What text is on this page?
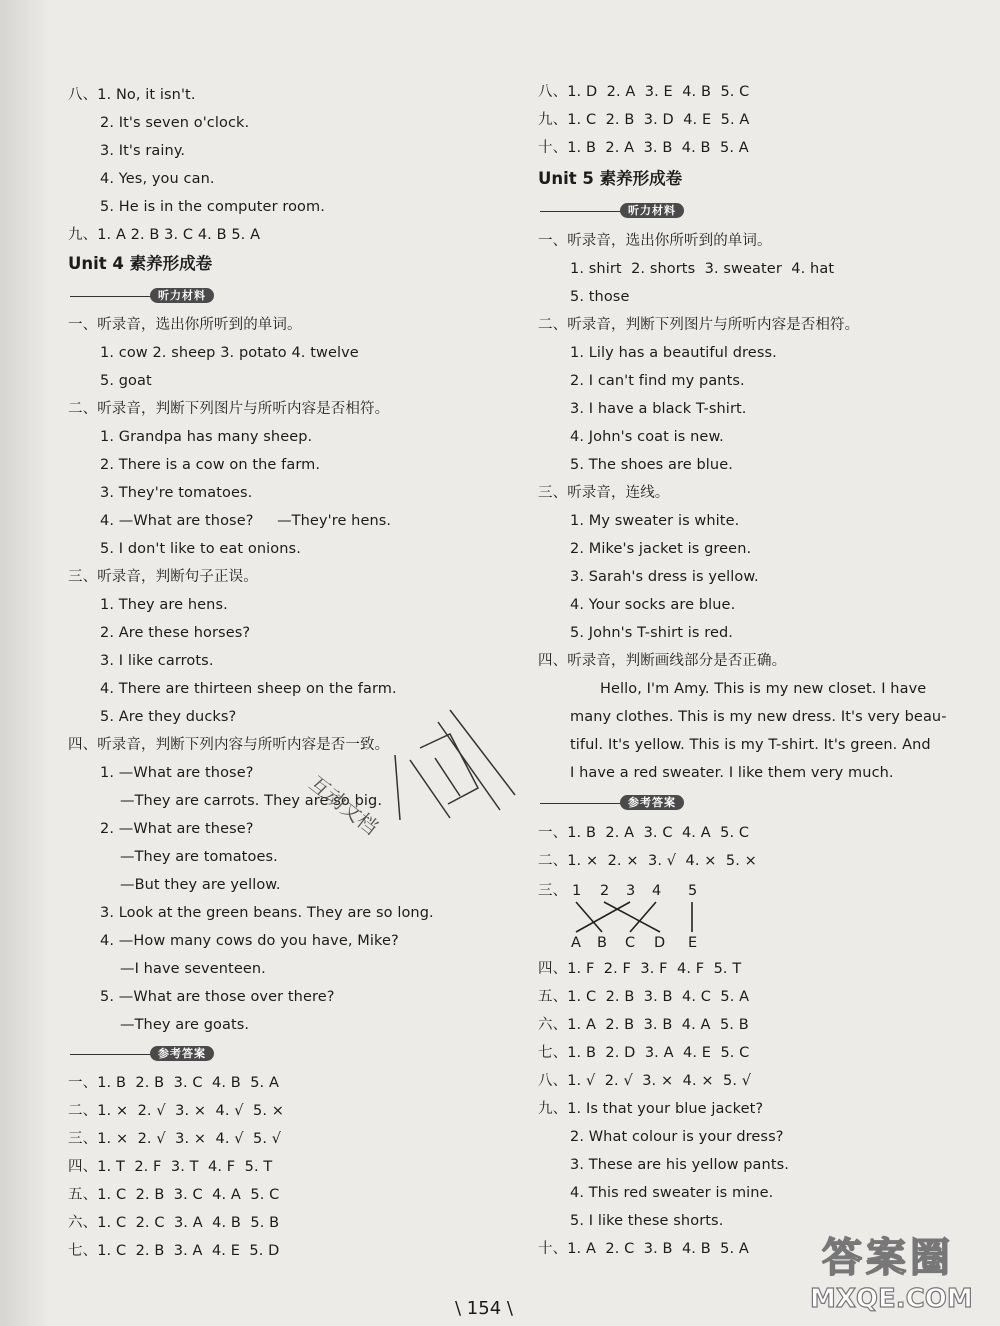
八、1. No, it isn't.
2. It's seven o'clock.
3. It's rainy.
4. Yes, you can.
5. He is in the computer room.
九、1. A 2. B 3. C 4. B 5. A
Unit 4 素养形成卷
听力材料
一、听录音，选出你所听到的单词。
1. cow 2. sheep 3. potato 4. twelve
5. goat
二、听录音，判断下列图片与所听内容是否相符。
1. Grandpa has many sheep.
2. There is a cow on the farm.
3. They're tomatoes.
4. —What are those?     —They're hens.
5. I don't like to eat onions.
三、听录音，判断句子正误。
1. They are hens.
2. Are these horses?
3. I like carrots.
4. There are thirteen sheep on the farm.
5. Are they ducks?
四、听录音，判断下列内容与所听内容是否一致。
1. —What are those?
—They are carrots. They are so big.
2. —What are these?
—They are tomatoes.
—But they are yellow.
3. Look at the green beans. They are so long.
4. —How many cows do you have, Mike?
—I have seventeen.
5. —What are those over there?
—They are goats.
参考答案
一、1. B  2. B  3. C  4. B  5. A
二、1. ×  2. √  3. ×  4. √  5. ×
三、1. ×  2. √  3. ×  4. √  5. √
四、1. T  2. F  3. T  4. F  5. T
五、1. C  2. B  3. C  4. A  5. C
六、1. C  2. C  3. A  4. B  5. B
七、1. C  2. B  3. A  4. E  5. D
八、1. D  2. A  3. E  4. B  5. C
九、1. C  2. B  3. D  4. E  5. A
十、1. B  2. A  3. B  4. B  5. A
Unit 5 素养形成卷
听力材料
一、听录音，选出你所听到的单词。
1. shirt  2. shorts  3. sweater  4. hat
5. those
二、听录音，判断下列图片与所听内容是否相符。
1. Lily has a beautiful dress.
2. I can't find my pants.
3. I have a black T-shirt.
4. John's coat is new.
5. The shoes are blue.
三、听录音，连线。
1. My sweater is white.
2. Mike's jacket is green.
3. Sarah's dress is yellow.
4. Your socks are blue.
5. John's T-shirt is red.
四、听录音，判断画线部分是否正确。
Hello, I'm Amy. This is my new closet. I have
many clothes. This is my new dress. It's very beau-
tiful. It's yellow. This is my T-shirt. It's green. And
I have a red sweater. I like them very much.
参考答案
一、1. B  2. A  3. C  4. A  5. C
二、1. ×  2. ×  3. √  4. ×  5. ×
三、 1 2 3 4 5
A B C D E
四、1. F  2. F  3. F  4. F  5. T
五、1. C  2. B  3. B  4. C  5. A
六、1. A  2. B  3. B  4. A  5. B
七、1. B  2. D  3. A  4. E  5. C
八、1. √  2. √  3. ×  4. ×  5. √
九、1. Is that your blue jacket?
2. What colour is your dress?
3. These are his yellow pants.
4. This red sweater is mine.
5. I like these shorts.
十、1. A  2. C  3. B  4. B  5. A
互动文档
\ 154 \
答案圈
MXQE.COM
